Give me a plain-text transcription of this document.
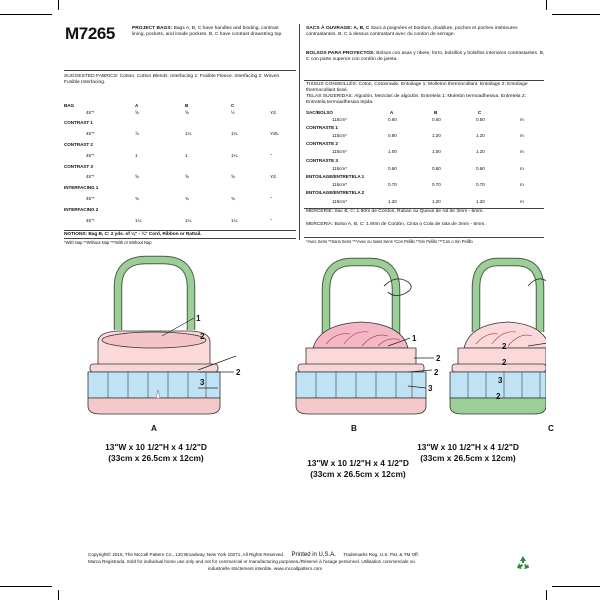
M7265	PROJECT BAGS: Bags A, B, C have handles and binding, contrast lining, pockets, and inside pockets. B, C have contrast drawstring top.
SACS À OUVRAGE: A, B, C Sacs à poignées et bordure, doublure, poches et poches intérieures contrastantes. B, C à dessus contrastant avec du cordon de serrage.
BOLSOS PARA PROYECTOS: Bolsos con asas y ribete, forro, bolsillos y bolsillos interiores contrastantes. B, C con parte superior con cordón de jareta.
SUGGESTED FABRICS: Cotton, Cotton Blends. Interfacing 1: Fusible Fleece. Interfacing 2: Woven Fusible Interfacing.	TISSUS CONSEILLÉS: Coton, Cotonnade. Entoilage 1: Molleton thermocollant. Entoilage 2: Entoilage thermocollant tissé.
TELAS SUGERIDAS: Algodón, Mezclas de algodón. Entretela 1: Muletón termoadhesiva. Entretela 2: Entretela termoadhesiva tejida.
BAG	A	B	C
45"*	⅝	⅝	½	Yd.
CONTRAST 1
45"*	⅞	1¼	1¼	Yds.
CONTRAST 2
45"*	1	1	1¼	"
CONTRAST 3
45"*	⅝	⅝	⅝	Yd.
INTERFACING 1
45"*	¾	¾	¾	"
INTERFACING 2
45"*	1¼	1¼	1¼	"
NOTIONS: Bag B, C: 2 yds. of ⅛" - ¼" Cord, Ribbon or Rattail.
*With Nap **Without Nap ***With or Without Nap
SAC/BOLSO	A	B	C
115cm*	0.60	0.60	0.50	m
CONTRASTE 1
115cm*	0.80	1.20	1.20	m
CONTRASTE 2
115cm*	1.00	1.00	1.20	m
CONTRASTE 3
115cm*	0.60	0.60	0.60	m
ENTOILAGE/ENTRETELA 1
115cm*	0.70	0.70	0.70	m
ENTOILAGE/ENTRETELA 2
115cm*	1.20	1.20	1.20	m
MERCERIE: Sac B, C: 1.90m de Cordon, Ruban ou Queue de rat de 3mm - 6mm.
MERCERÍA: Bolso A, B, C: 1.90m de Cordón, Cinta o Cola de rata de 3mm - 6mm.
*Avec Sens **Sans Sens ***Avec ou Sans Sens *Con Pelillo **Sin Pelillo ***Con o Sin Pelillo
1
2
2
3
1
2
2
3
2
2
3
2
A	B	C
13"W x 10 1/2"H x 4 1/2"D
(33cm x 26.5cm x 12cm)
13"W x 10 1/2"H x 4 1/2"D
(33cm x 26.5cm x 12cm)
13"W x 10 1/2"H x 4 1/2"D
(33cm x 26.5cm x 12cm)
Copyright© 2015, The McCall Pattern Co., 120 Broadway, New York 10271, All Rights Reserved. Printed in U.S.A. Trademarks Reg. U.S. Pat. & TM Off.
Marca Registrada. Sold for individual home use only and not for commercial or manufacturing purposes./Réservé à l'usage personnel. Utilisation commerciale ou
industrielle strictement interdite. www.mccallpattern.com
